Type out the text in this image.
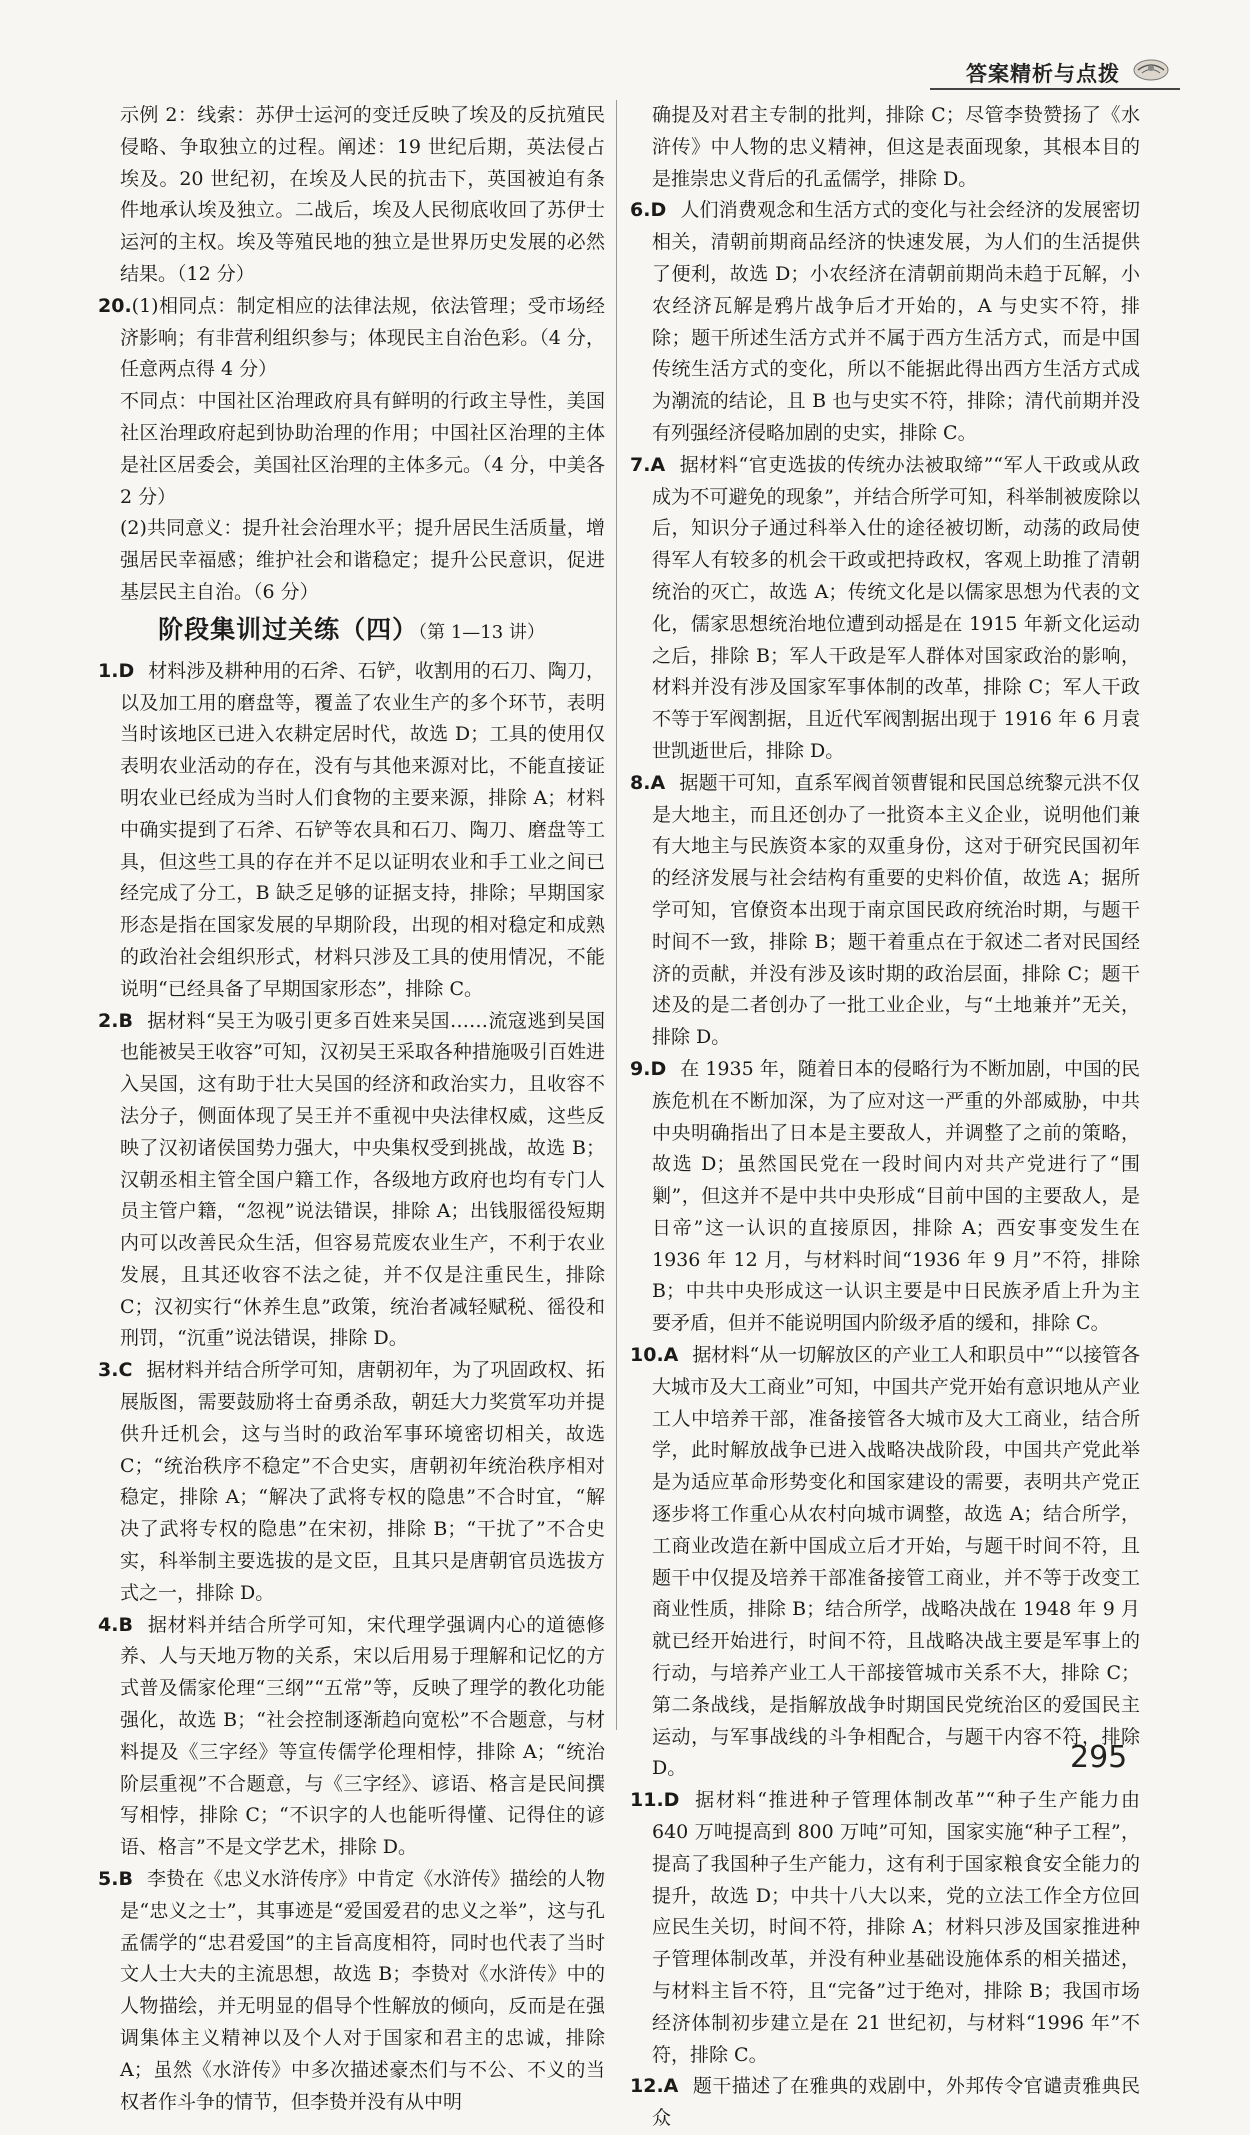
答案精析与点拨

示例 2：线索：苏伊士运河的变迁反映了埃及的反抗殖民侵略、争取独立的过程。阐述：19 世纪后期，英法侵占埃及。20 世纪初，在埃及人民的抗击下，英国被迫有条件地承认埃及独立。二战后，埃及人民彻底收回了苏伊士运河的主权。埃及等殖民地的独立是世界历史发展的必然结果。（12 分）

20.(1)相同点：制定相应的法律法规，依法管理；受市场经济影响；有非营利组织参与；体现民主自治色彩。（4 分，任意两点得 4 分）

不同点：中国社区治理政府具有鲜明的行政主导性，美国社区治理政府起到协助治理的作用；中国社区治理的主体是社区居委会，美国社区治理的主体多元。（4 分，中美各 2 分）

(2)共同意义：提升社会治理水平；提升居民生活质量，增强居民幸福感；维护社会和谐稳定；提升公民意识，促进基层民主自治。（6 分）

阶段集训过关练（四）（第 1—13 讲）

1.D 材料涉及耕种用的石斧、石铲，收割用的石刀、陶刀，以及加工用的磨盘等，覆盖了农业生产的多个环节，表明当时该地区已进入农耕定居时代，故选 D；工具的使用仅表明农业活动的存在，没有与其他来源对比，不能直接证明农业已经成为当时人们食物的主要来源，排除 A；材料中确实提到了石斧、石铲等农具和石刀、陶刀、磨盘等工具，但这些工具的存在并不足以证明农业和手工业之间已经完成了分工，B 缺乏足够的证据支持，排除；早期国家形态是指在国家发展的早期阶段，出现的相对稳定和成熟的政治社会组织形式，材料只涉及工具的使用情况，不能说明“已经具备了早期国家形态”，排除 C。

2.B 据材料“吴王为吸引更多百姓来吴国……流寇逃到吴国也能被吴王收容”可知，汉初吴王采取各种措施吸引百姓进入吴国，这有助于壮大吴国的经济和政治实力，且收容不法分子，侧面体现了吴王并不重视中央法律权威，这些反映了汉初诸侯国势力强大，中央集权受到挑战，故选 B；汉朝丞相主管全国户籍工作，各级地方政府也均有专门人员主管户籍，“忽视”说法错误，排除 A；出钱服徭役短期内可以改善民众生活，但容易荒废农业生产，不利于农业发展，且其还收容不法之徒，并不仅是注重民生，排除 C；汉初实行“休养生息”政策，统治者减轻赋税、徭役和刑罚，“沉重”说法错误，排除 D。

3.C 据材料并结合所学可知，唐朝初年，为了巩固政权、拓展版图，需要鼓励将士奋勇杀敌，朝廷大力奖赏军功并提供升迁机会，这与当时的政治军事环境密切相关，故选 C；“统治秩序不稳定”不合史实，唐朝初年统治秩序相对稳定，排除 A；“解决了武将专权的隐患”不合时宜，“解决了武将专权的隐患”在宋初，排除 B；“干扰了”不合史实，科举制主要选拔的是文臣，且其只是唐朝官员选拔方式之一，排除 D。

4.B 据材料并结合所学可知，宋代理学强调内心的道德修养、人与天地万物的关系，宋以后用易于理解和记忆的方式普及儒家伦理“三纲”“五常”等，反映了理学的教化功能强化，故选 B；“社会控制逐渐趋向宽松”不合题意，与材料提及《三字经》等宣传儒学伦理相悖，排除 A；“统治阶层重视”不合题意，与《三字经》、谚语、格言是民间撰写相悖，排除 C；“不识字的人也能听得懂、记得住的谚语、格言”不是文学艺术，排除 D。

5.B 李贽在《忠义水浒传序》中肯定《水浒传》描绘的人物是“忠义之士”，其事迹是“爱国爱君的忠义之举”，这与孔孟儒学的“忠君爱国”的主旨高度相符，同时也代表了当时文人士大夫的主流思想，故选 B；李贽对《水浒传》中的人物描绘，并无明显的倡导个性解放的倾向，反而是在强调集体主义精神以及个人对于国家和君主的忠诚，排除 A；虽然《水浒传》中多次描述豪杰们与不公、不义的当权者作斗争的情节，但李贽并没有从中明

确提及对君主专制的批判，排除 C；尽管李贽赞扬了《水浒传》中人物的忠义精神，但这是表面现象，其根本目的是推崇忠义背后的孔孟儒学，排除 D。

6.D 人们消费观念和生活方式的变化与社会经济的发展密切相关，清朝前期商品经济的快速发展，为人们的生活提供了便利，故选 D；小农经济在清朝前期尚未趋于瓦解，小农经济瓦解是鸦片战争后才开始的，A 与史实不符，排除；题干所述生活方式并不属于西方生活方式，而是中国传统生活方式的变化，所以不能据此得出西方生活方式成为潮流的结论，且 B 也与史实不符，排除；清代前期并没有列强经济侵略加剧的史实，排除 C。

7.A 据材料“官吏选拔的传统办法被取缔”“军人干政或从政成为不可避免的现象”，并结合所学可知，科举制被废除以后，知识分子通过科举入仕的途径被切断，动荡的政局使得军人有较多的机会干政或把持政权，客观上助推了清朝统治的灭亡，故选 A；传统文化是以儒家思想为代表的文化，儒家思想统治地位遭到动摇是在 1915 年新文化运动之后，排除 B；军人干政是军人群体对国家政治的影响，材料并没有涉及国家军事体制的改革，排除 C；军人干政不等于军阀割据，且近代军阀割据出现于 1916 年 6 月袁世凯逝世后，排除 D。

8.A 据题干可知，直系军阀首领曹锟和民国总统黎元洪不仅是大地主，而且还创办了一批资本主义企业，说明他们兼有大地主与民族资本家的双重身份，这对于研究民国初年的经济发展与社会结构有重要的史料价值，故选 A；据所学可知，官僚资本出现于南京国民政府统治时期，与题干时间不一致，排除 B；题干着重点在于叙述二者对民国经济的贡献，并没有涉及该时期的政治层面，排除 C；题干述及的是二者创办了一批工业企业，与“土地兼并”无关，排除 D。

9.D 在 1935 年，随着日本的侵略行为不断加剧，中国的民族危机在不断加深，为了应对这一严重的外部威胁，中共中央明确指出了日本是主要敌人，并调整了之前的策略，故选 D；虽然国民党在一段时间内对共产党进行了“围剿”，但这并不是中共中央形成“目前中国的主要敌人，是日帝”这一认识的直接原因，排除 A；西安事变发生在 1936 年 12 月，与材料时间“1936 年 9 月”不符，排除 B；中共中央形成这一认识主要是中日民族矛盾上升为主要矛盾，但并不能说明国内阶级矛盾的缓和，排除 C。

10.A 据材料“从一切解放区的产业工人和职员中”“以接管各大城市及大工商业”可知，中国共产党开始有意识地从产业工人中培养干部，准备接管各大城市及大工商业，结合所学，此时解放战争已进入战略决战阶段，中国共产党此举是为适应革命形势变化和国家建设的需要，表明共产党正逐步将工作重心从农村向城市调整，故选 A；结合所学，工商业改造在新中国成立后才开始，与题干时间不符，且题干中仅提及培养干部准备接管工商业，并不等于改变工商业性质，排除 B；结合所学，战略决战在 1948 年 9 月就已经开始进行，时间不符，且战略决战主要是军事上的行动，与培养产业工人干部接管城市关系不大，排除 C；第二条战线，是指解放战争时期国民党统治区的爱国民主运动，与军事战线的斗争相配合，与题干内容不符，排除 D。

11.D 据材料“推进种子管理体制改革”“种子生产能力由 640 万吨提高到 800 万吨”可知，国家实施“种子工程”，提高了我国种子生产能力，这有利于国家粮食安全能力的提升，故选 D；中共十八大以来，党的立法工作全方位回应民生关切，时间不符，排除 A；材料只涉及国家推进种子管理体制改革，并没有种业基础设施体系的相关描述，与材料主旨不符，且“完备”过于绝对，排除 B；我国市场经济体制初步建立是在 21 世纪初，与材料“1996 年”不符，排除 C。

12.A 题干描述了在雅典的戏剧中，外邦传令官谴责雅典民众

295
